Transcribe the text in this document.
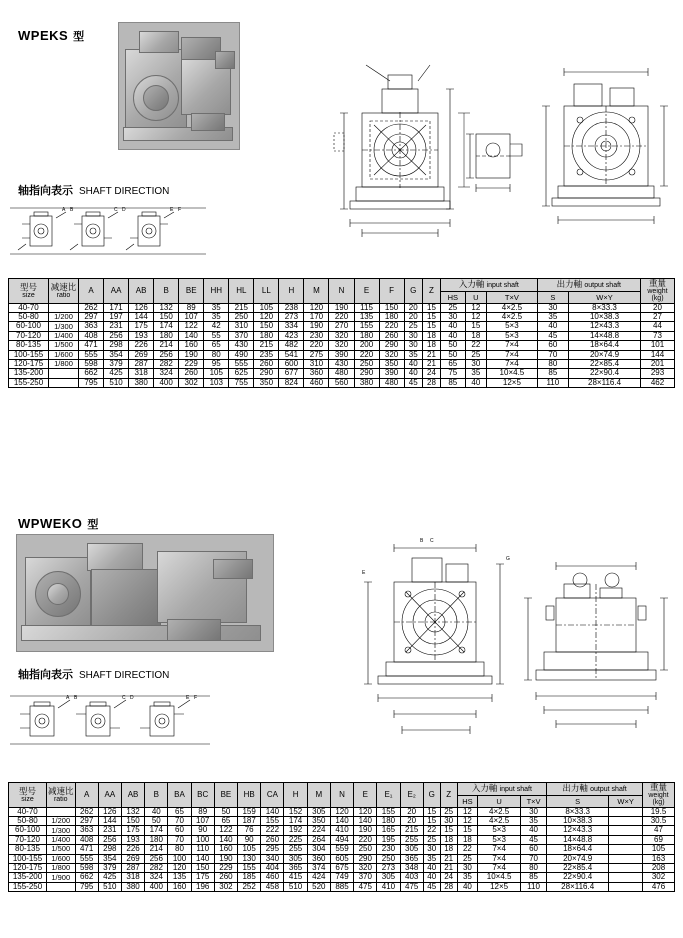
WPEKS 型
轴指向表示 SHAFT DIRECTION
A B	C D	E F
型号
size

减速比
ratio
	A	AA	AB	B	BE	HH	HL	LL	H	M	N	E	F	G	Z	入力軸 input shaft	出力軸 output shaft	重量
weight
(kg)

																	HS	U	T×V	S	W×Y	
40-70		262	171	126	132	89	35	215	105	238	120	190	115	150	20	15	25	12	4×2.5	30	8×33.3	20
50-80	1/200	297	197	144	150	107	35	250	120	273	170	220	135	180	20	15	30	12	4×2.5	35	10×38.3	27
60-100	1/300	363	231	175	174	122	42	310	150	334	190	270	155	220	25	15	40	15	5×3	40	12×43.3	44
70-120	1/400	408	256	193	180	140	55	370	180	423	230	320	180	260	30	18	40	18	5×3	45	14×48.8	73
80-135	1/500	471	298	226	214	160	65	430	215	482	220	320	200	290	30	18	50	22	7×4	60	18×64.4	101
100-155	1/600	555	354	269	256	190	80	490	235	541	275	390	220	320	35	21	50	25	7×4	70	20×74.9	144
120-175	1/800	598	379	287	282	229	95	555	260	600	310	430	250	350	40	21	65	30	7×4	80	22×85.4	201
135-200		662	425	318	324	260	105	625	290	677	360	480	290	390	40	24	75	35	10×4.5	85	22×90.4	293
155-250		795	510	380	400	302	103	755	350	824	460	560	380	480	45	28	85	40	12×5	110	28×116.4	462
WPWEKO 型
B C
E
G
轴指向表示 SHAFT DIRECTION
A B	C D	E F
型号
size

减速比
ratio
	A	AA	AB	B	BA	BC	BE	HB	CA	H	M	N	E	E₁	E₂	G	Z	入力軸 input shaft	出力軸 output shaft	重量
weight
(kg)

																			HS	U	T×V	S	W×Y	
40-70		262	126	132	40	65	89	50	159	140	152	305	120	120	155	20	15	25	12	4×2.5	30	8×33.3		19.5
50-80	1/200	297	144	150	50	70	107	65	187	155	174	350	140	140	180	20	15	30	12	4×2.5	35	10×38.3		30.5
60-100	1/300	363	231	175	174	60	90	122	76	222	192	224	410	190	165	215	22	15	15	5×3	40	12×43.3		47
70-120	1/400	408	256	193	180	70	100	140	90	260	225	264	494	220	195	255	25	18	18	5×3	45	14×48.8		69
80-135	1/500	471	298	226	214	80	110	160	105	295	255	304	559	250	230	305	30	18	22	7×4	60	18×64.4		105
100-155	1/600	555	354	269	256	100	140	190	130	340	305	360	605	290	250	365	35	21	25	7×4	70	20×74.9		163
120-175	1/800	598	379	287	282	120	150	229	155	404	365	374	675	320	273	348	40	21	30	7×4	80	22×85.4		208
135-200	1/900	662	425	318	324	135	175	260	185	460	415	424	749	370	305	403	40	24	35	10×4.5	85	22×90.4		302
155-250		795	510	380	400	160	196	302	252	458	510	520	885	475	410	475	45	28	40	12×5	110	28×116.4		476
